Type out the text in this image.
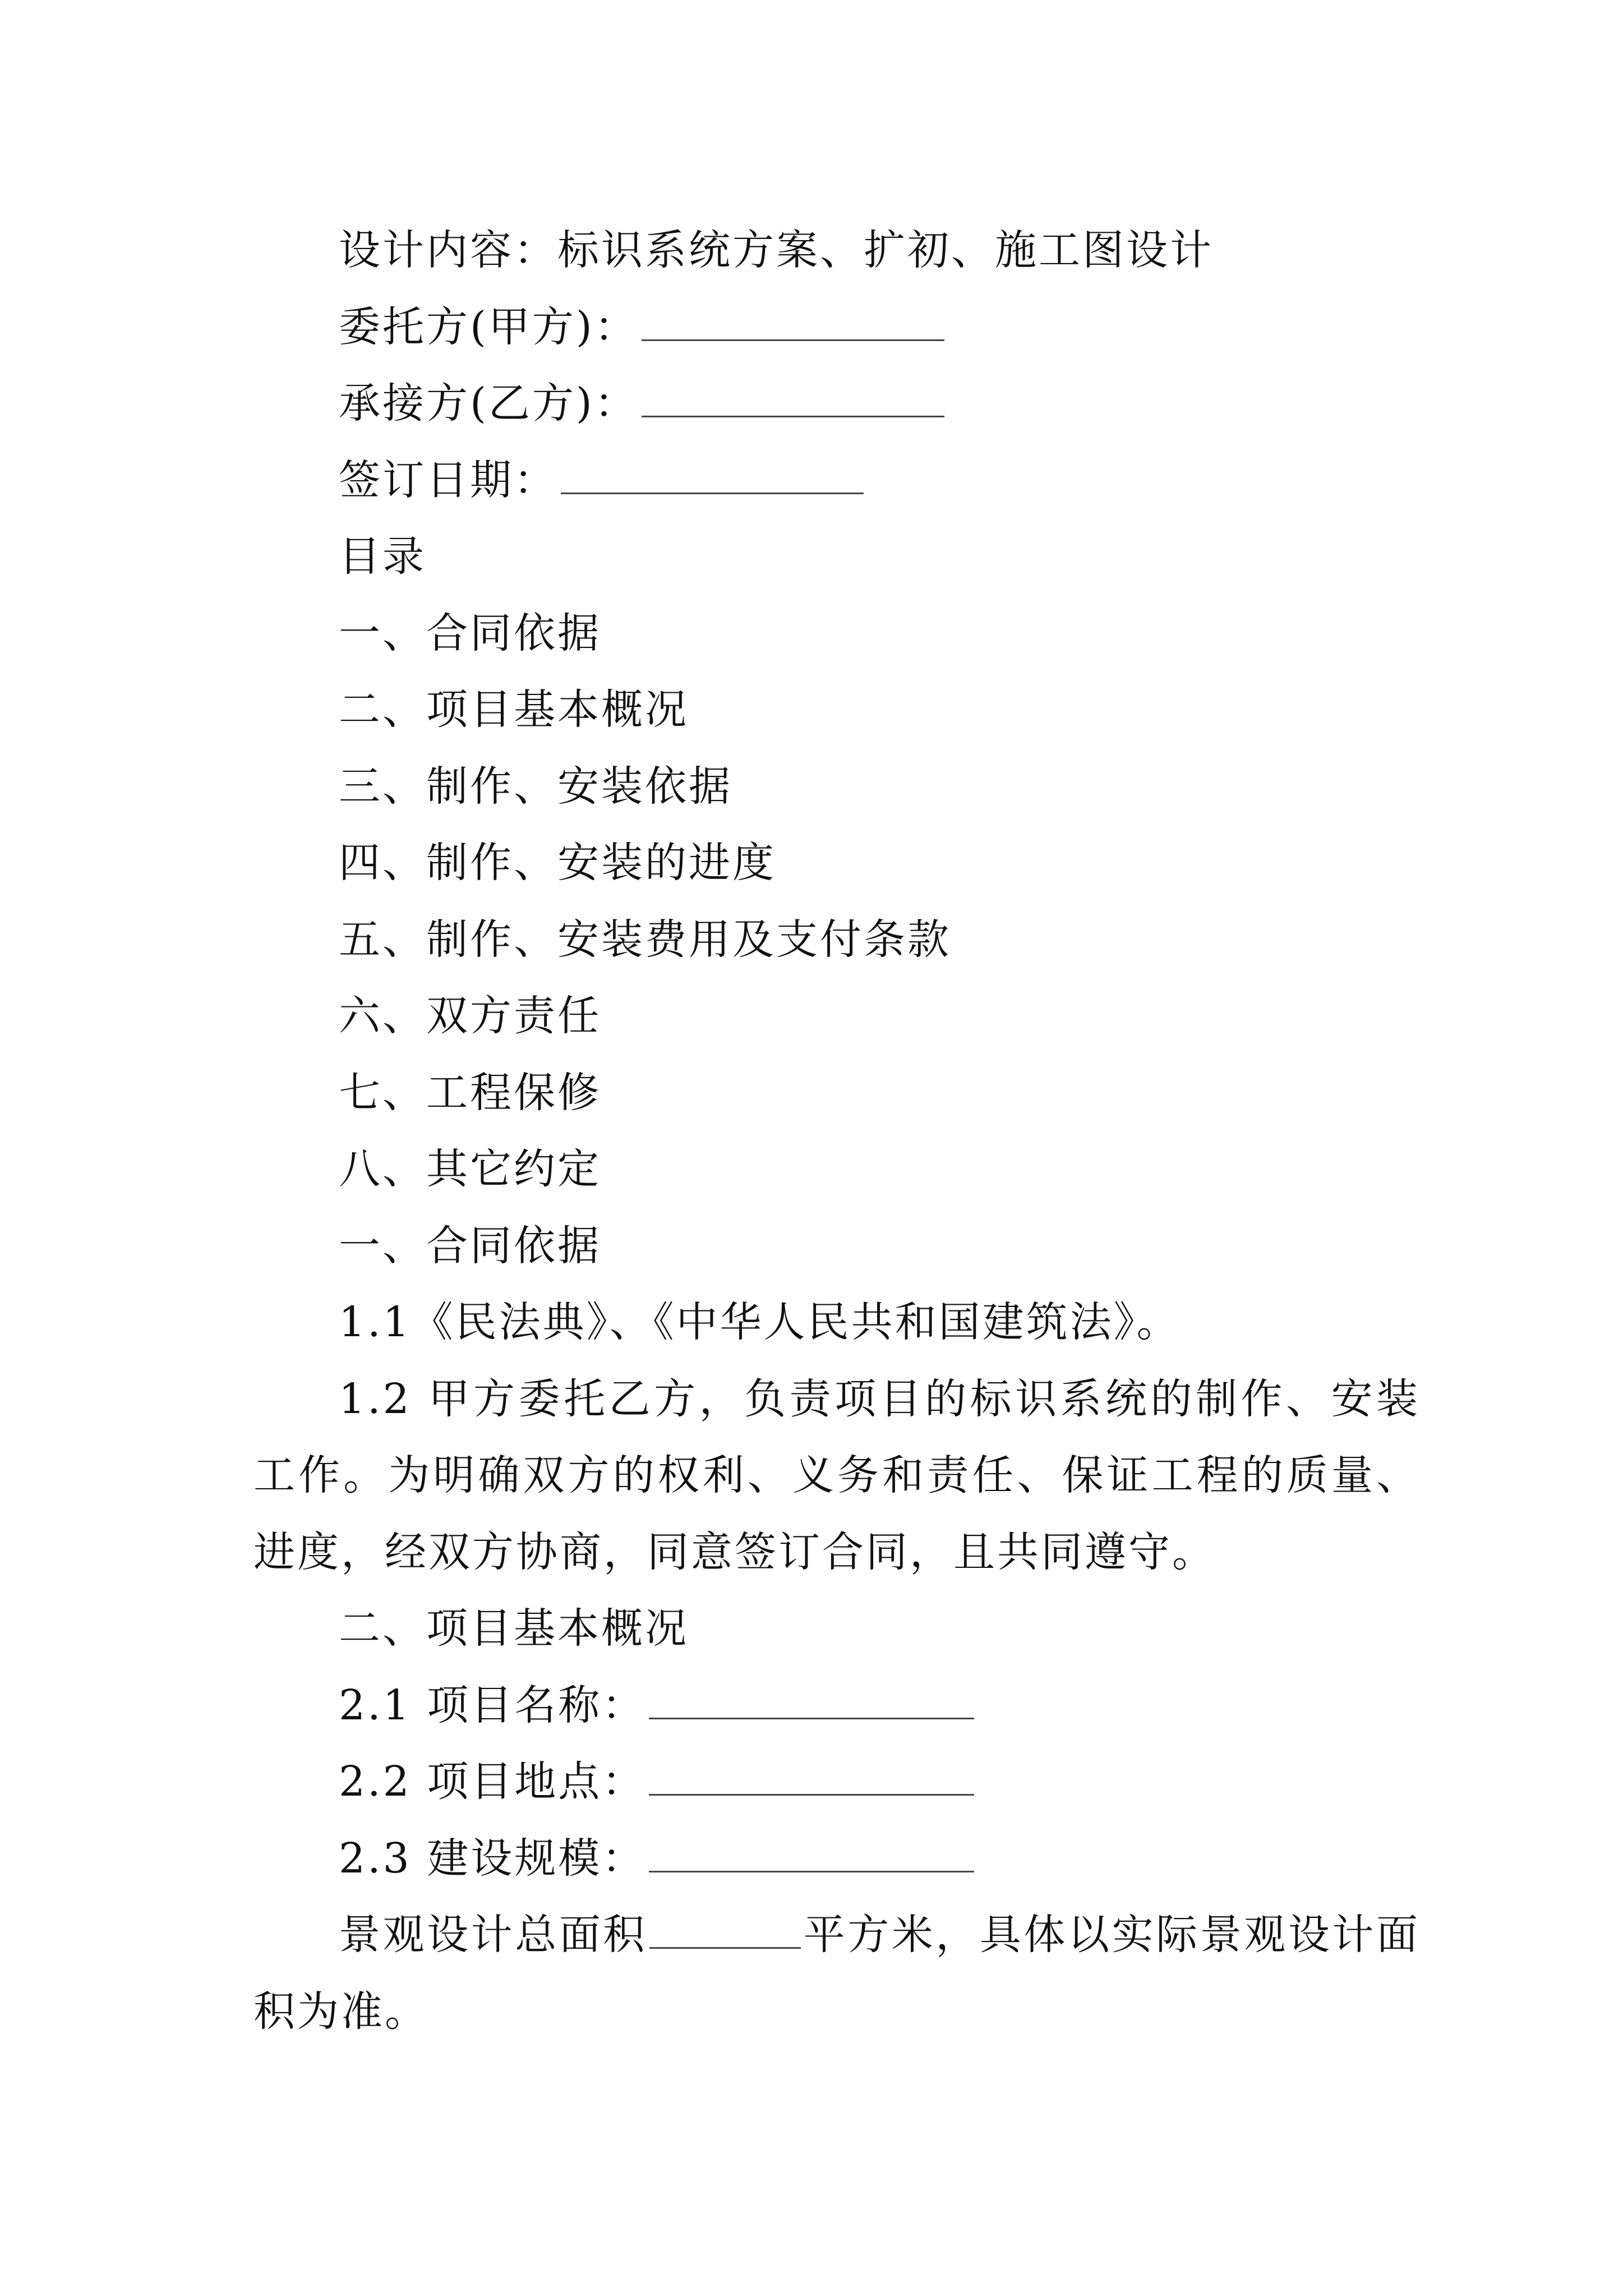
设计内容：标识系统方案、扩初、施工图设计
委托方(甲方)：
承接方(乙方)：
签订日期：
目录
一、合同依据
二、项目基本概况
三、制作、安装依据
四、制作、安装的进度
五、制作、安装费用及支付条款
六、双方责任
七、工程保修
八、其它约定
一、合同依据
1.1《民法典》、《中华人民共和国建筑法》。
1.2 甲方委托乙方，负责项目的标识系统的制作、安装工作。为明确双方的权利、义务和责任、保证工程的质量、进度，经双方协商，同意签订合同，且共同遵守。
二、项目基本概况
2.1 项目名称：
2.2 项目地点：
2.3 建设规模：
景观设计总面积	平方米，具体以实际景观设计面积为准。
